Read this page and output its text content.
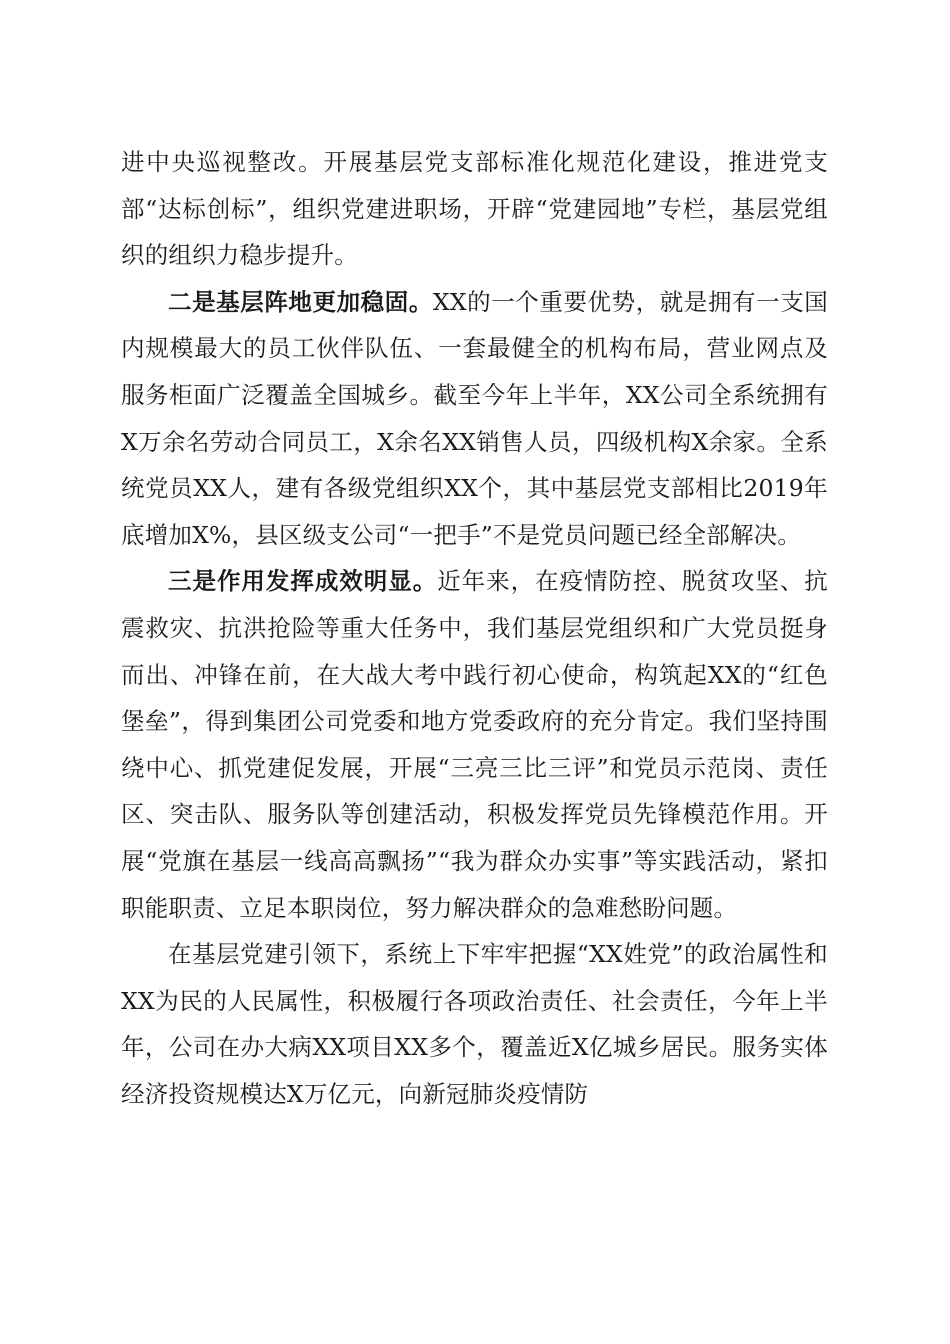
进中央巡视整改。开展基层党支部标准化规范化建设，推进党支部“达标创标”，组织党建进职场，开辟“党建园地”专栏，基层党组织的组织力稳步提升。

二是基层阵地更加稳固。XX的一个重要优势，就是拥有一支国内规模最大的员工伙伴队伍、一套最健全的机构布局，营业网点及服务柜面广泛覆盖全国城乡。截至今年上半年，XX公司全系统拥有X万余名劳动合同员工，X余名XX销售人员，四级机构X余家。全系统党员XX人，建有各级党组织XX个，其中基层党支部相比2019年底增加X%，县区级支公司“一把手”不是党员问题已经全部解决。

三是作用发挥成效明显。近年来，在疫情防控、脱贫攻坚、抗震救灾、抗洪抢险等重大任务中，我们基层党组织和广大党员挺身而出、冲锋在前，在大战大考中践行初心使命，构筑起XX的“红色堡垒”，得到集团公司党委和地方党委政府的充分肯定。我们坚持围绕中心、抓党建促发展，开展“三亮三比三评”和党员示范岗、责任区、突击队、服务队等创建活动，积极发挥党员先锋模范作用。开展“党旗在基层一线高高飘扬”“我为群众办实事”等实践活动，紧扣职能职责、立足本职岗位，努力解决群众的急难愁盼问题。

在基层党建引领下，系统上下牢牢把握“XX姓党”的政治属性和XX为民的人民属性，积极履行各项政治责任、社会责任，今年上半年，公司在办大病XX项目XX多个，覆盖近X亿城乡居民。服务实体经济投资规模达X万亿元，向新冠肺炎疫情防
